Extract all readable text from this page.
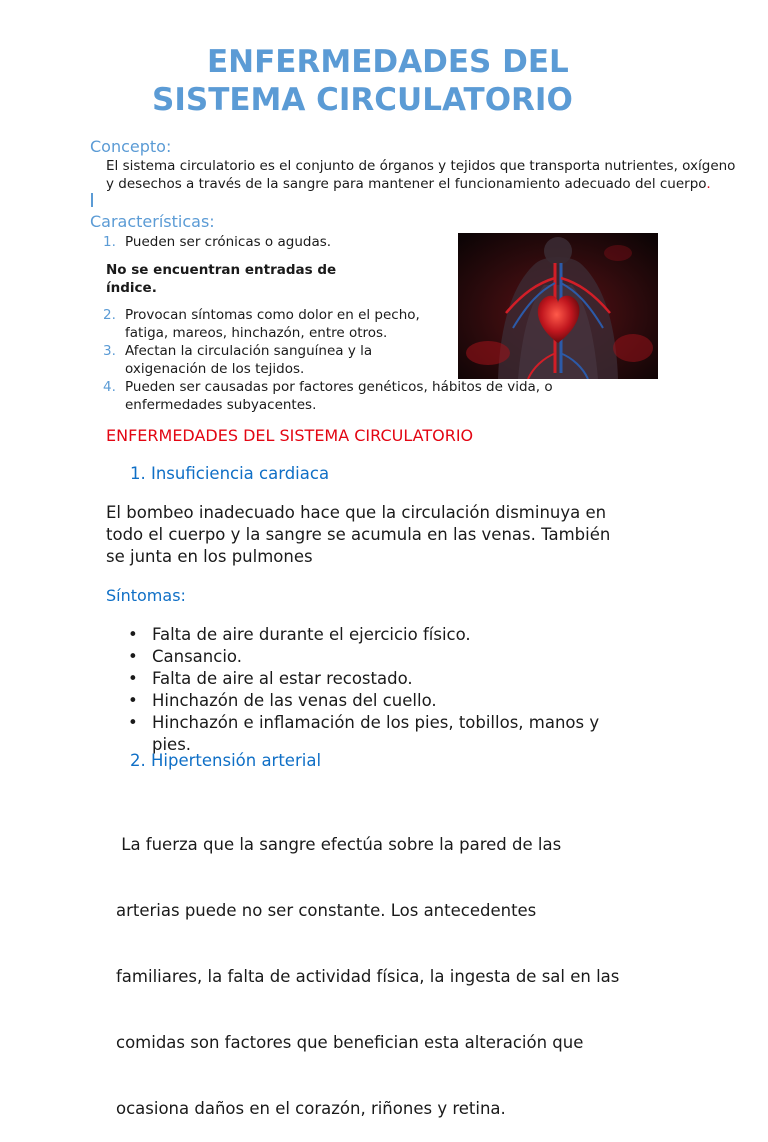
ENFERMEDADES DEL
SISTEMA CIRCULATORIO
Concepto:
El sistema circulatorio es el conjunto de órganos y tejidos que transporta nutrientes, oxígeno
y desechos a través de la sangre para mantener el funcionamiento adecuado del cuerpo.
Características:
1. Pueden ser crónicas o agudas.
No se encuentran entradas de
índice.
2. Provocan síntomas como dolor en el pecho,
fatiga, mareos, hinchazón, entre otros.
3. Afectan la circulación sanguínea y la
oxigenación de los tejidos.
4. Pueden ser causadas por factores genéticos, hábitos de vida, o
enfermedades subyacentes.
ENFERMEDADES DEL SISTEMA CIRCULATORIO
1. Insuficiencia cardiaca
El bombeo inadecuado hace que la circulación disminuya en
todo el cuerpo y la sangre se acumula en las venas. También
se junta en los pulmones
Síntomas:
• Falta de aire durante el ejercicio físico.
• Cansancio.
• Falta de aire al estar recostado.
• Hinchazón de las venas del cuello.
• Hinchazón e inflamación de los pies, tobillos, manos y
pies.
2. Hipertensión arterial

La fuerza que la sangre efectúa sobre la pared de las

arterias puede no ser constante. Los antecedentes

familiares, la falta de actividad física, la ingesta de sal en las

comidas son factores que benefician esta alteración que

ocasiona daños en el corazón, riñones y retina.
